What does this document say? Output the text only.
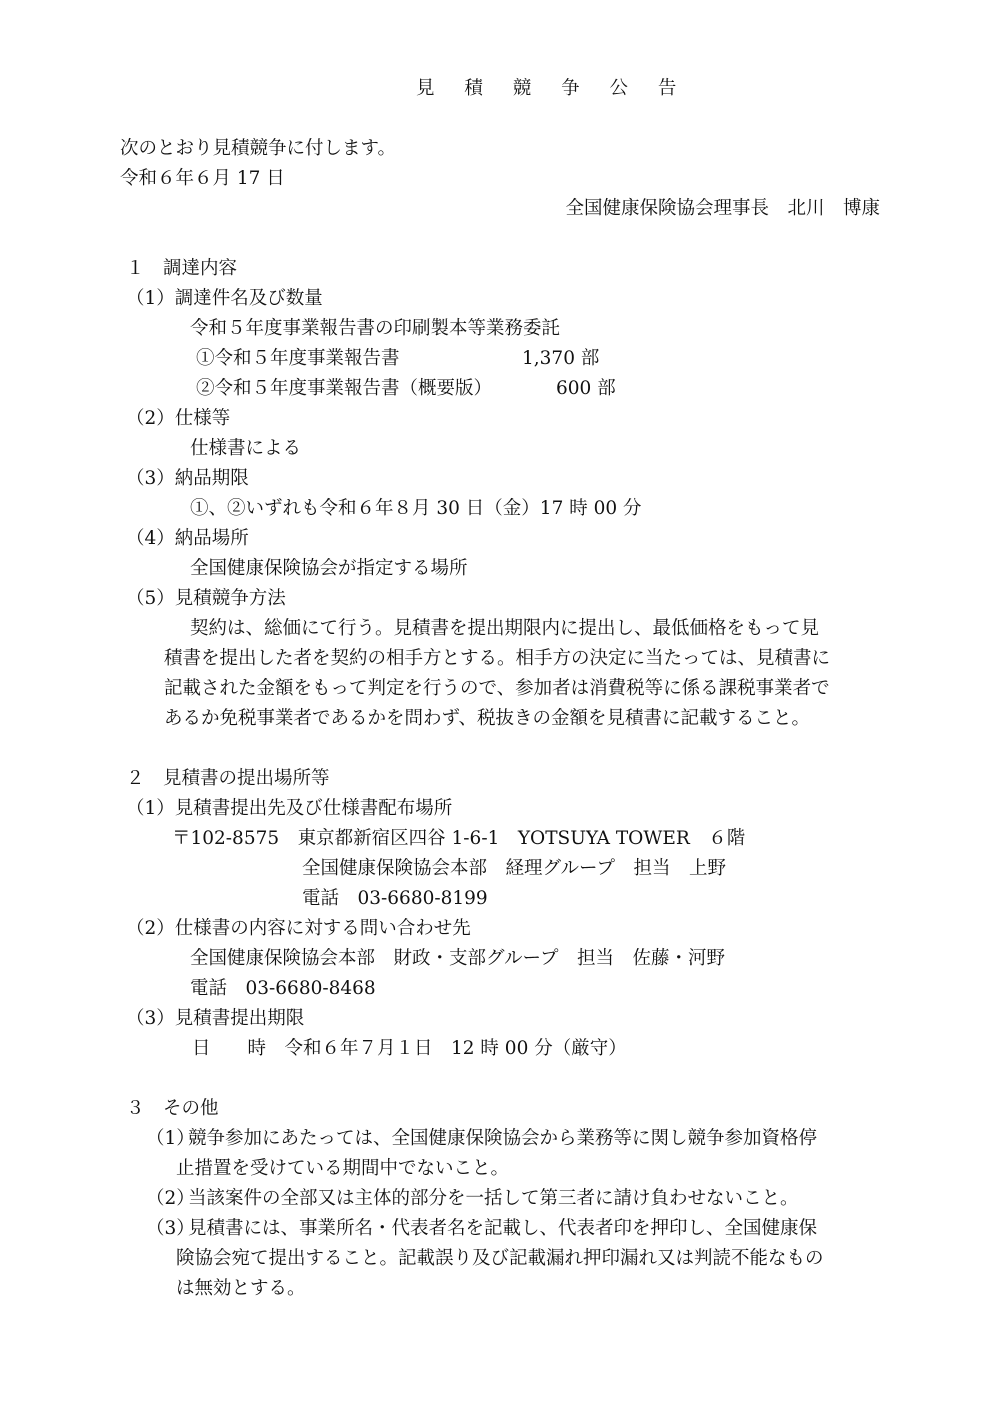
見 積 競 争 公 告
次のとおり見積競争に付します。
令和６年６月 17 日
全国健康保険協会理事長　北川　博康
１　調達内容
（1）調達件名及び数量
令和５年度事業報告書の印刷製本等業務委託
①令和５年度事業報告書	1,370 部
②令和５年度事業報告書（概要版）	600 部
（2）仕様等
仕様書による
（3）納品期限
①、②いずれも令和６年８月 30 日（金）17 時 00 分
（4）納品場所
全国健康保険協会が指定する場所
（5）見積競争方法
契約は、総価にて行う。見積書を提出期限内に提出し、最低価格をもって見
積書を提出した者を契約の相手方とする。相手方の決定に当たっては、見積書に
記載された金額をもって判定を行うので、参加者は消費税等に係る課税事業者で
あるか免税事業者であるかを問わず、税抜きの金額を見積書に記載すること。
２　見積書の提出場所等
（1）見積書提出先及び仕様書配布場所
〒102-8575　東京都新宿区四谷 1-6-1　YOTSUYA TOWER　６階
全国健康保険協会本部　経理グループ　担当　上野
電話　03-6680-8199
（2）仕様書の内容に対する問い合わせ先
全国健康保険協会本部　財政・支部グループ　担当　佐藤・河野
電話　03-6680-8468
（3）見積書提出期限
日　　時　令和６年７月１日　12 時 00 分（厳守）
３　その他
（1）
競争参加にあたっては、全国健康保険協会から業務等に関し競争参加資格停
止措置を受けている期間中でないこと。
（2）
当該案件の全部又は主体的部分を一括して第三者に請け負わせないこと。
（3）
見積書には、事業所名・代表者名を記載し、代表者印を押印し、全国健康保
険協会宛て提出すること。記載誤り及び記載漏れ押印漏れ又は判読不能なもの
は無効とする。
